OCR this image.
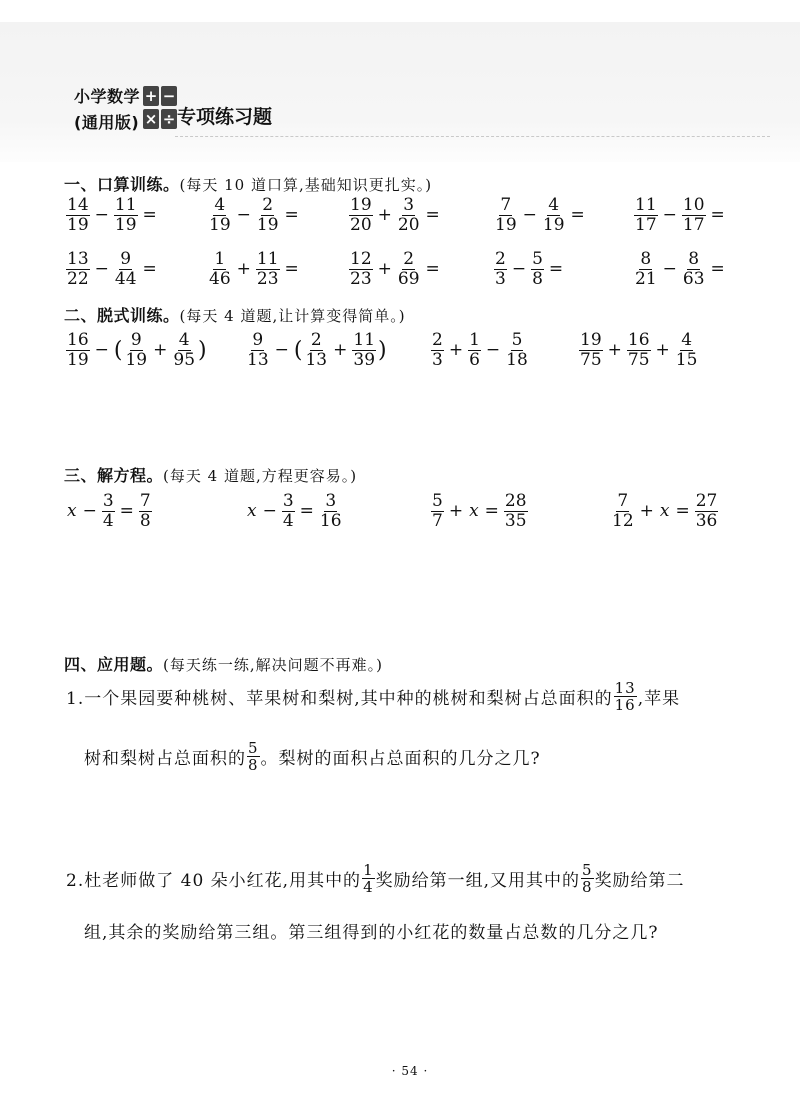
小学数学
(通用版)
+ −
× ÷ 专项练习题
一、口算训练。(每天 10 道口算,基础知识更扎实。)
$\frac{14}{19} - \frac{11}{19}$ =	$\frac{4}{19} - \frac{2}{19}$ =	$\frac{19}{20} + \frac{3}{20}$ =	$\frac{7}{19} - \frac{4}{19}$ =	$\frac{11}{17} - \frac{10}{17}$ =
$\frac{13}{22} - \frac{9}{44}$ =	$\frac{1}{46} + \frac{11}{23}$ =	$\frac{12}{23} + \frac{2}{69}$ =	$\frac{2}{3} - \frac{5}{8}$ =	$\frac{8}{21} - \frac{8}{63}$ =
二、脱式训练。(每天 4 道题,让计算变得简单。)
$\frac{16}{19}$ − ( $\frac{9}{19} + \frac{4}{95}$ ) $\frac{9}{13}$ − ( $\frac{2}{13} + \frac{11}{39}$ )	$\frac{2}{3} + \frac{1}{6} - \frac{5}{18}$	$\frac{19}{75} + \frac{16}{75} + \frac{4}{15}$
三、解方程。(每天 4 道题,方程更容易。)
$x - \frac{3}{4} = \frac{7}{8}$	$x - \frac{3}{4} = \frac{3}{16}$	$\frac{5}{7} + x = \frac{28}{35}$	$\frac{7}{12} + x = \frac{27}{36}$
四、应用题。(每天练一练,解决问题不再难。)
1.一个果园要种桃树、苹果树和梨树,其中种的桃树和梨树占总面积的 $\frac{13}{16}$ ,苹果
树和梨树占总面积的 $\frac{5}{8}$ 。梨树的面积占总面积的几分之几?
2.杜老师做了 40 朵小红花,用其中的 $\frac{1}{4}$ 奖励给第一组,又用其中的 $\frac{5}{8}$ 奖励给第二
组,其余的奖励给第三组。第三组得到的小红花的数量占总数的几分之几?
· 54 ·
